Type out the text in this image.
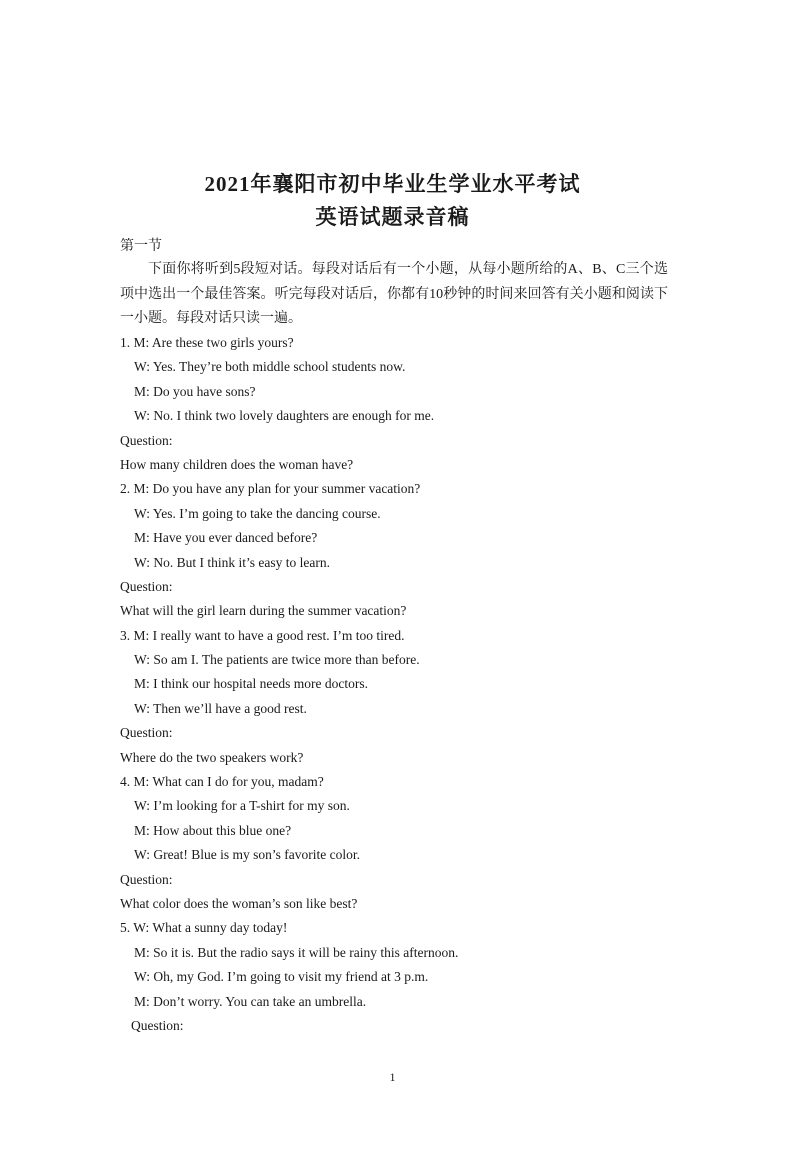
2021年襄阳市初中毕业生学业水平考试
英语试题录音稿
第一节

下面你将听到5段短对话。每段对话后有一个小题，从每小题所给的A、B、C三个选项中选出一个最佳答案。听完每段对话后，你都有10秒钟的时间来回答有关小题和阅读下一小题。每段对话只读一遍。

1. M: Are these two girls yours?
W: Yes. They’re both middle school students now.
M: Do you have sons?
W: No. I think two lovely daughters are enough for me.
Question:
How many children does the woman have?
2. M: Do you have any plan for your summer vacation?
W: Yes. I’m going to take the dancing course.
M: Have you ever danced before?
W: No. But I think it’s easy to learn.
Question:
What will the girl learn during the summer vacation?
3. M: I really want to have a good rest. I’m too tired.
W: So am I. The patients are twice more than before.
M: I think our hospital needs more doctors.
W: Then we’ll have a good rest.
Question:
Where do the two speakers work?
4. M: What can I do for you, madam?
W: I’m looking for a T-shirt for my son.
M: How about this blue one?
W: Great! Blue is my son’s favorite color.
Question:
What color does the woman’s son like best?
5. W: What a sunny day today!
M: So it is. But the radio says it will be rainy this afternoon.
W: Oh, my God. I’m going to visit my friend at 3 p.m.
M: Don’t worry. You can take an umbrella.
Question:
1
